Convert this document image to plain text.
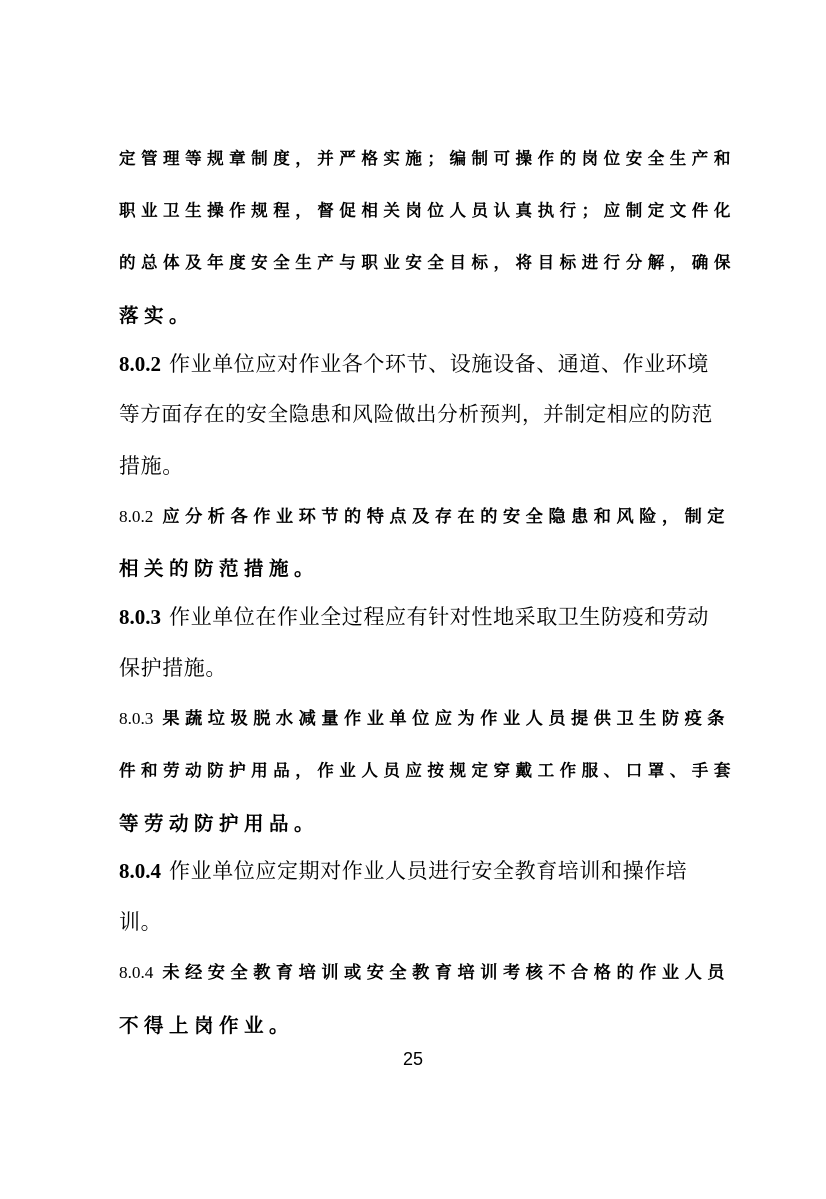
定管理等规章制度，并严格实施；编制可操作的岗位安全生产和
职业卫生操作规程，督促相关岗位人员认真执行；应制定文件化
的总体及年度安全生产与职业安全目标，将目标进行分解，确保
落实。
8.0.2 作业单位应对作业各个环节、设施设备、通道、作业环境
等方面存在的安全隐患和风险做出分析预判，并制定相应的防范
措施。
8.0.2 应分析各作业环节的特点及存在的安全隐患和风险，制定
相关的防范措施。
8.0.3 作业单位在作业全过程应有针对性地采取卫生防疫和劳动
保护措施。
8.0.3 果蔬垃圾脱水减量作业单位应为作业人员提供卫生防疫条
件和劳动防护用品，作业人员应按规定穿戴工作服、口罩、手套
等劳动防护用品。
8.0.4 作业单位应定期对作业人员进行安全教育培训和操作培
训。
8.0.4 未经安全教育培训或安全教育培训考核不合格的作业人员
不得上岗作业。
25
